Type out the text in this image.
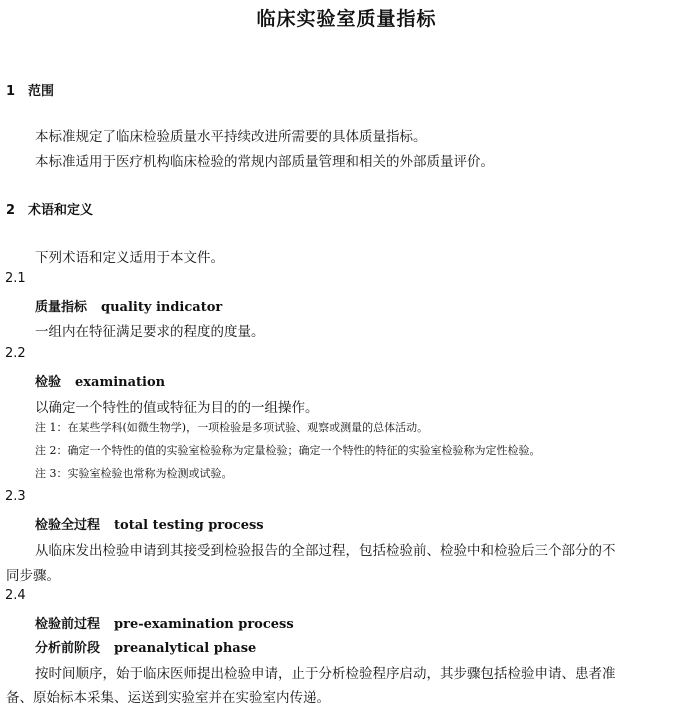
临床实验室质量指标
1 范围
本标准规定了临床检验质量水平持续改进所需要的具体质量指标。
本标准适用于医疗机构临床检验的常规内部质量管理和相关的外部质量评价。
2 术语和定义
下列术语和定义适用于本文件。
2.1
质量指标 quality indicator
一组内在特征满足要求的程度的度量。
2.2
检验 examination
以确定一个特性的值或特征为目的的一组操作。
注 1：在某些学科(如微生物学)，一项检验是多项试验、观察或测量的总体活动。
注 2：确定一个特性的值的实验室检验称为定量检验；确定一个特性的特征的实验室检验称为定性检验。
注 3：实验室检验也常称为检测或试验。
2.3
检验全过程 total testing process
从临床发出检验申请到其接受到检验报告的全部过程，包括检验前、检验中和检验后三个部分的不
同步骤。
2.4
检验前过程 pre-examination process
分析前阶段 preanalytical phase
按时间顺序，始于临床医师提出检验申请，止于分析检验程序启动，其步骤包括检验申请、患者准
备、原始标本采集、运送到实验室并在实验室内传递。
